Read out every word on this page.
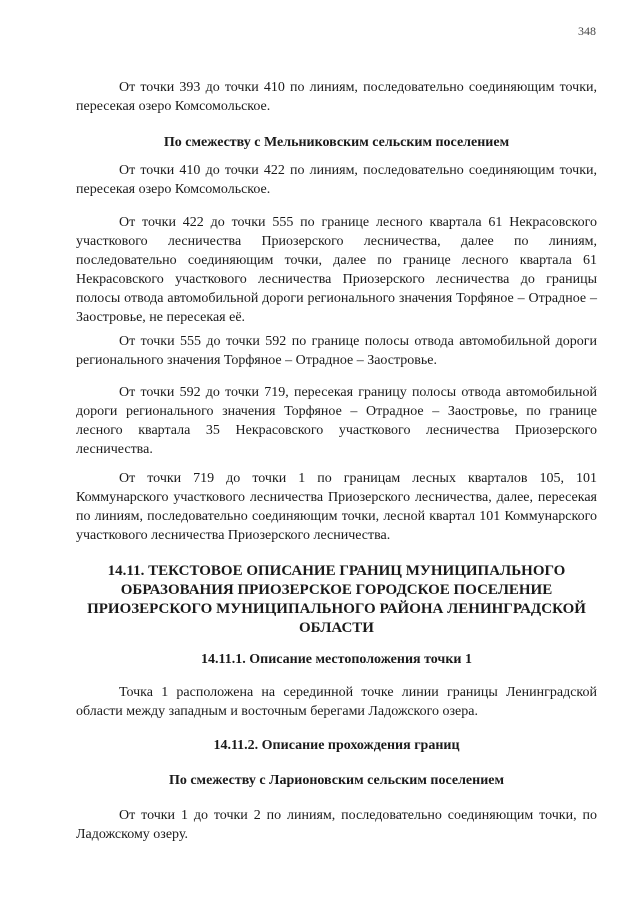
348

От точки 393 до точки 410 по линиям, последовательно соединяющим точки, пересекая озеро Комсомольское.

По смежеству с Мельниковским сельским поселением

От точки 410 до точки 422 по линиям, последовательно соединяющим точки, пересекая озеро Комсомольское.

От точки 422 до точки 555 по границе лесного квартала 61 Некрасовского участкового лесничества Приозерского лесничества, далее по линиям, последовательно соединяющим точки, далее по границе лесного квартала 61 Некрасовского участкового лесничества Приозерского лесничества до границы полосы отвода автомобильной дороги регионального значения Торфяное – Отрадное – Заостровье, не пересекая её.

От точки 555 до точки 592 по границе полосы отвода автомобильной дороги регионального значения Торфяное – Отрадное – Заостровье.

От точки 592 до точки 719, пересекая границу полосы отвода автомобильной дороги регионального значения Торфяное – Отрадное – Заостровье, по границе лесного квартала 35 Некрасовского участкового лесничества Приозерского лесничества.

От точки 719 до точки 1 по границам лесных кварталов 105, 101 Коммунарского участкового лесничества Приозерского лесничества, далее, пересекая по линиям, последовательно соединяющим точки, лесной квартал 101 Коммунарского участкового лесничества Приозерского лесничества.

14.11. ТЕКСТОВОЕ ОПИСАНИЕ ГРАНИЦ МУНИЦИПАЛЬНОГО ОБРАЗОВАНИЯ ПРИОЗЕРСКОЕ ГОРОДСКОЕ ПОСЕЛЕНИЕ ПРИОЗЕРСКОГО МУНИЦИПАЛЬНОГО РАЙОНА ЛЕНИНГРАДСКОЙ ОБЛАСТИ

14.11.1. Описание местоположения точки 1

Точка 1 расположена на серединной точке линии границы Ленинградской области между западным и восточным берегами Ладожского озера.

14.11.2. Описание прохождения границ

По смежеству с Ларионовским сельским поселением

От точки 1 до точки 2 по линиям, последовательно соединяющим точки, по Ладожскому озеру.
